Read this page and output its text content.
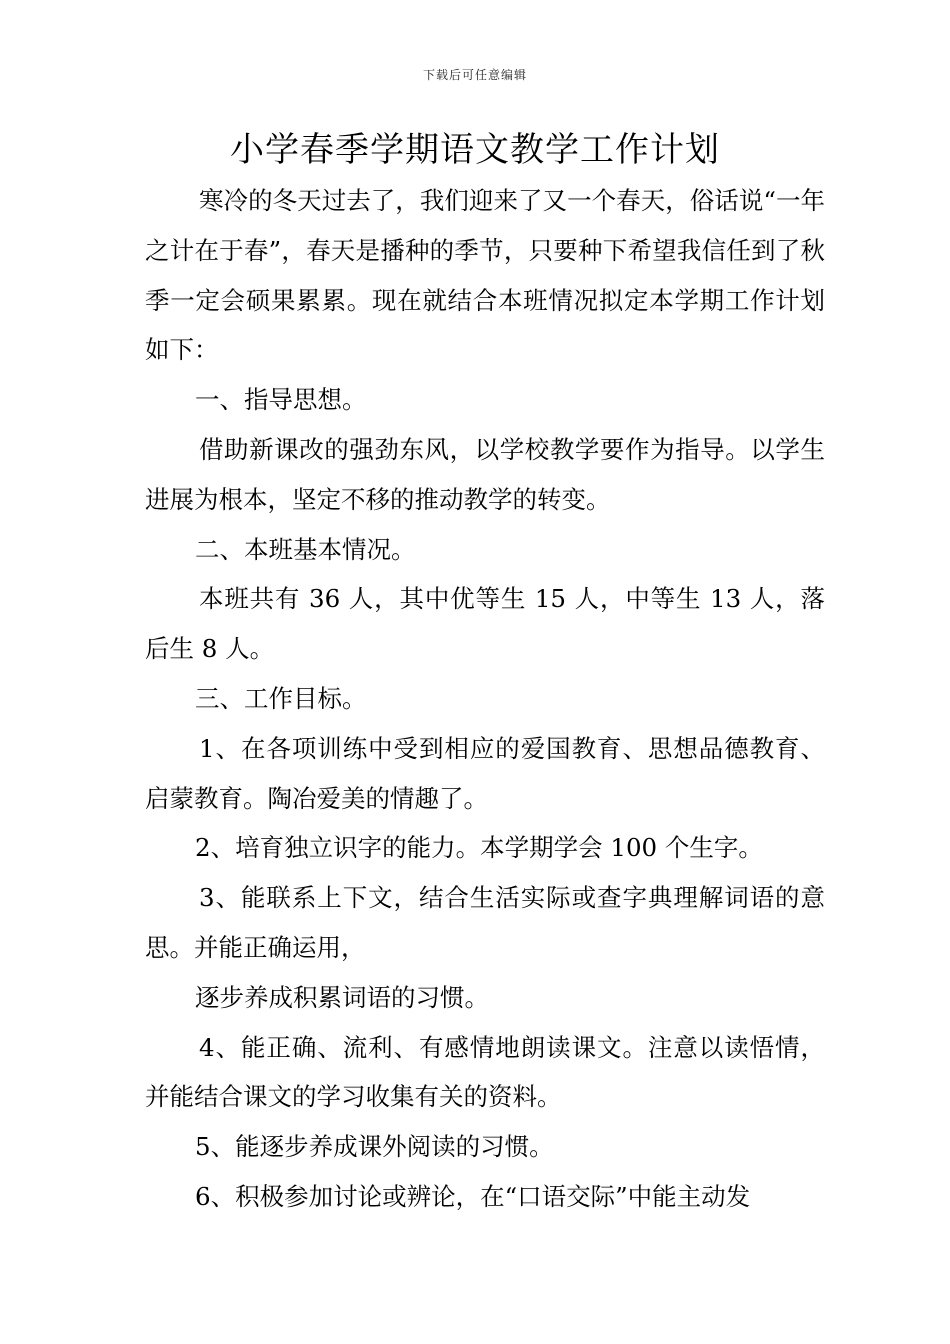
下载后可任意编辑
小学春季学期语文教学工作计划

寒冷的冬天过去了，我们迎来了又一个春天，俗话说“一年之计在于春”，春天是播种的季节，只要种下希望我信任到了秋季一定会硕果累累。现在就结合本班情况拟定本学期工作计划如下：

一、指导思想。

借助新课改的强劲东风，以学校教学要作为指导。以学生进展为根本，坚定不移的推动教学的转变。

二、本班基本情况。

本班共有 36 人，其中优等生 15 人，中等生 13 人，落后生 8 人。

三、工作目标。

1、在各项训练中受到相应的爱国教育、思想品德教育、启蒙教育。陶冶爱美的情趣了。

2、培育独立识字的能力。本学期学会 100 个生字。

3、能联系上下文，结合生活实际或查字典理解词语的意思。并能正确运用，

逐步养成积累词语的习惯。

4、能正确、流利、有感情地朗读课文。注意以读悟情，并能结合课文的学习收集有关的资料。

5、能逐步养成课外阅读的习惯。

6、积极参加讨论或辨论，在“口语交际”中能主动发
